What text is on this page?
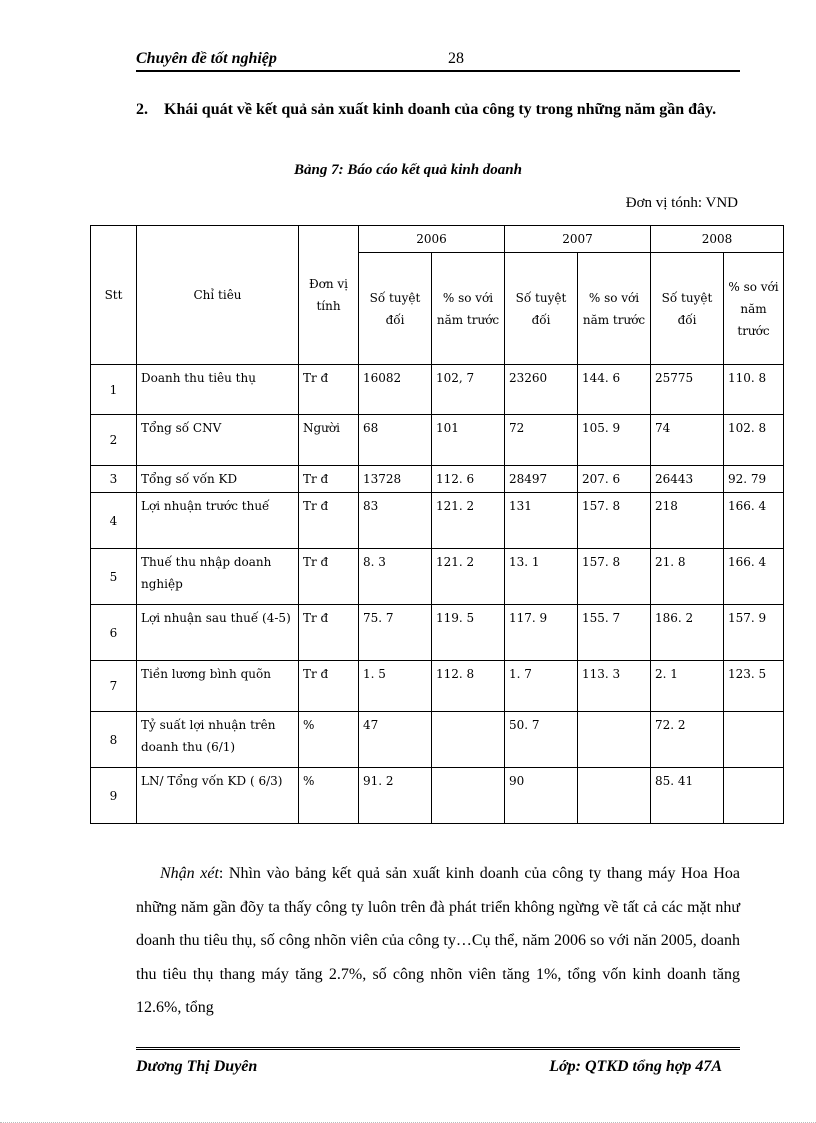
Chuyên đề tốt nghiệp	28
2. Khái quát về kết quả sản xuất kinh doanh của công ty trong những năm gần đây.
Bảng 7: Báo cáo kết quả kinh doanh
Đơn vị tónh: VND
Stt	Chỉ tiêu	Đơn vị tính	2006		2007		2008	
			Số tuyệt đối	% so với năm trước	Số tuyệt đối	% so với năm trước	Số tuyệt đối	% so với năm trước
1	Doanh thu tiêu thụ	Tr đ	16082	102, 7	23260	144. 6	25775	110. 8
2	Tổng số CNV	Người	68	101	72	105. 9	74	102. 8
3	Tổng số vốn KD	Tr đ	13728	112. 6	28497	207. 6	26443	92. 79
4	Lợi nhuận trước thuế	Tr đ	83	121. 2	131	157. 8	218	166. 4
5	Thuế thu nhập doanh nghiệp	Tr đ	8. 3	121. 2	13. 1	157. 8	21. 8	166. 4
6	Lợi nhuận sau thuế (4-5)	Tr đ	75. 7	119. 5	117. 9	155. 7	186. 2	157. 9
7	Tiền lương bình quõn	Tr đ	1. 5	112. 8	1. 7	113. 3	2. 1	123. 5
8	Tỷ suất lợi nhuận trên doanh thu (6/1)	%	47		50. 7		72. 2	
9	LN/ Tổng vốn KD ( 6/3)	%	91. 2		90		85. 41	
Nhận xét: Nhìn vào bảng kết quả sản xuất kinh doanh của công ty thang máy Hoa Hoa những năm gần đõy ta thấy công ty luôn trên đà phát triển không ngừng về tất cả các mặt như doanh thu tiêu thụ, số công nhõn viên của công ty…Cụ thể, năm 2006 so với năn 2005, doanh thu tiêu thụ thang máy tăng 2.7%, số công nhõn viên tăng 1%, tổng vốn kinh doanh tăng 12.6%, tổng
Dương Thị Duyên	Lớp: QTKD tổng hợp 47A
